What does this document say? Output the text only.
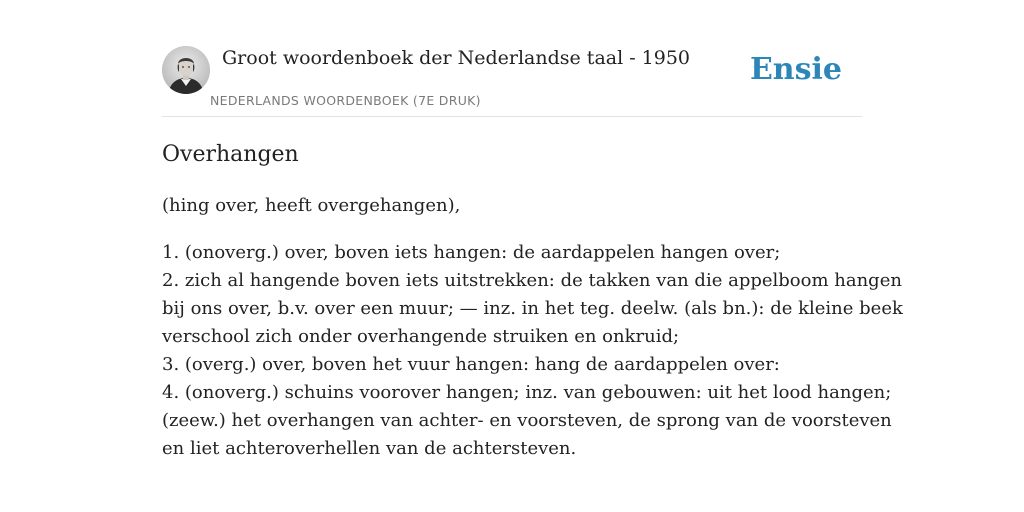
Groot woordenboek der Nederlandse taal - 1950
NEDERLANDS WOORDENBOEK (7E DRUK)
Ensie
Overhangen
(hing over, heeft overgehangen),
1. (onoverg.) over, boven iets hangen: de aardappelen hangen over;
2. zich al hangende boven iets uitstrekken: de takken van die appelboom hangen
bij ons over, b.v. over een muur; — inz. in het teg. deelw. (als bn.): de kleine beek
verschool zich onder overhangende struiken en onkruid;
3. (overg.) over, boven het vuur hangen: hang de aardappelen over:
4. (onoverg.) schuins voorover hangen; inz. van gebouwen: uit het lood hangen;
(zeew.) het overhangen van achter- en voorsteven, de sprong van de voorsteven
en liet achteroverhellen van de achtersteven.
